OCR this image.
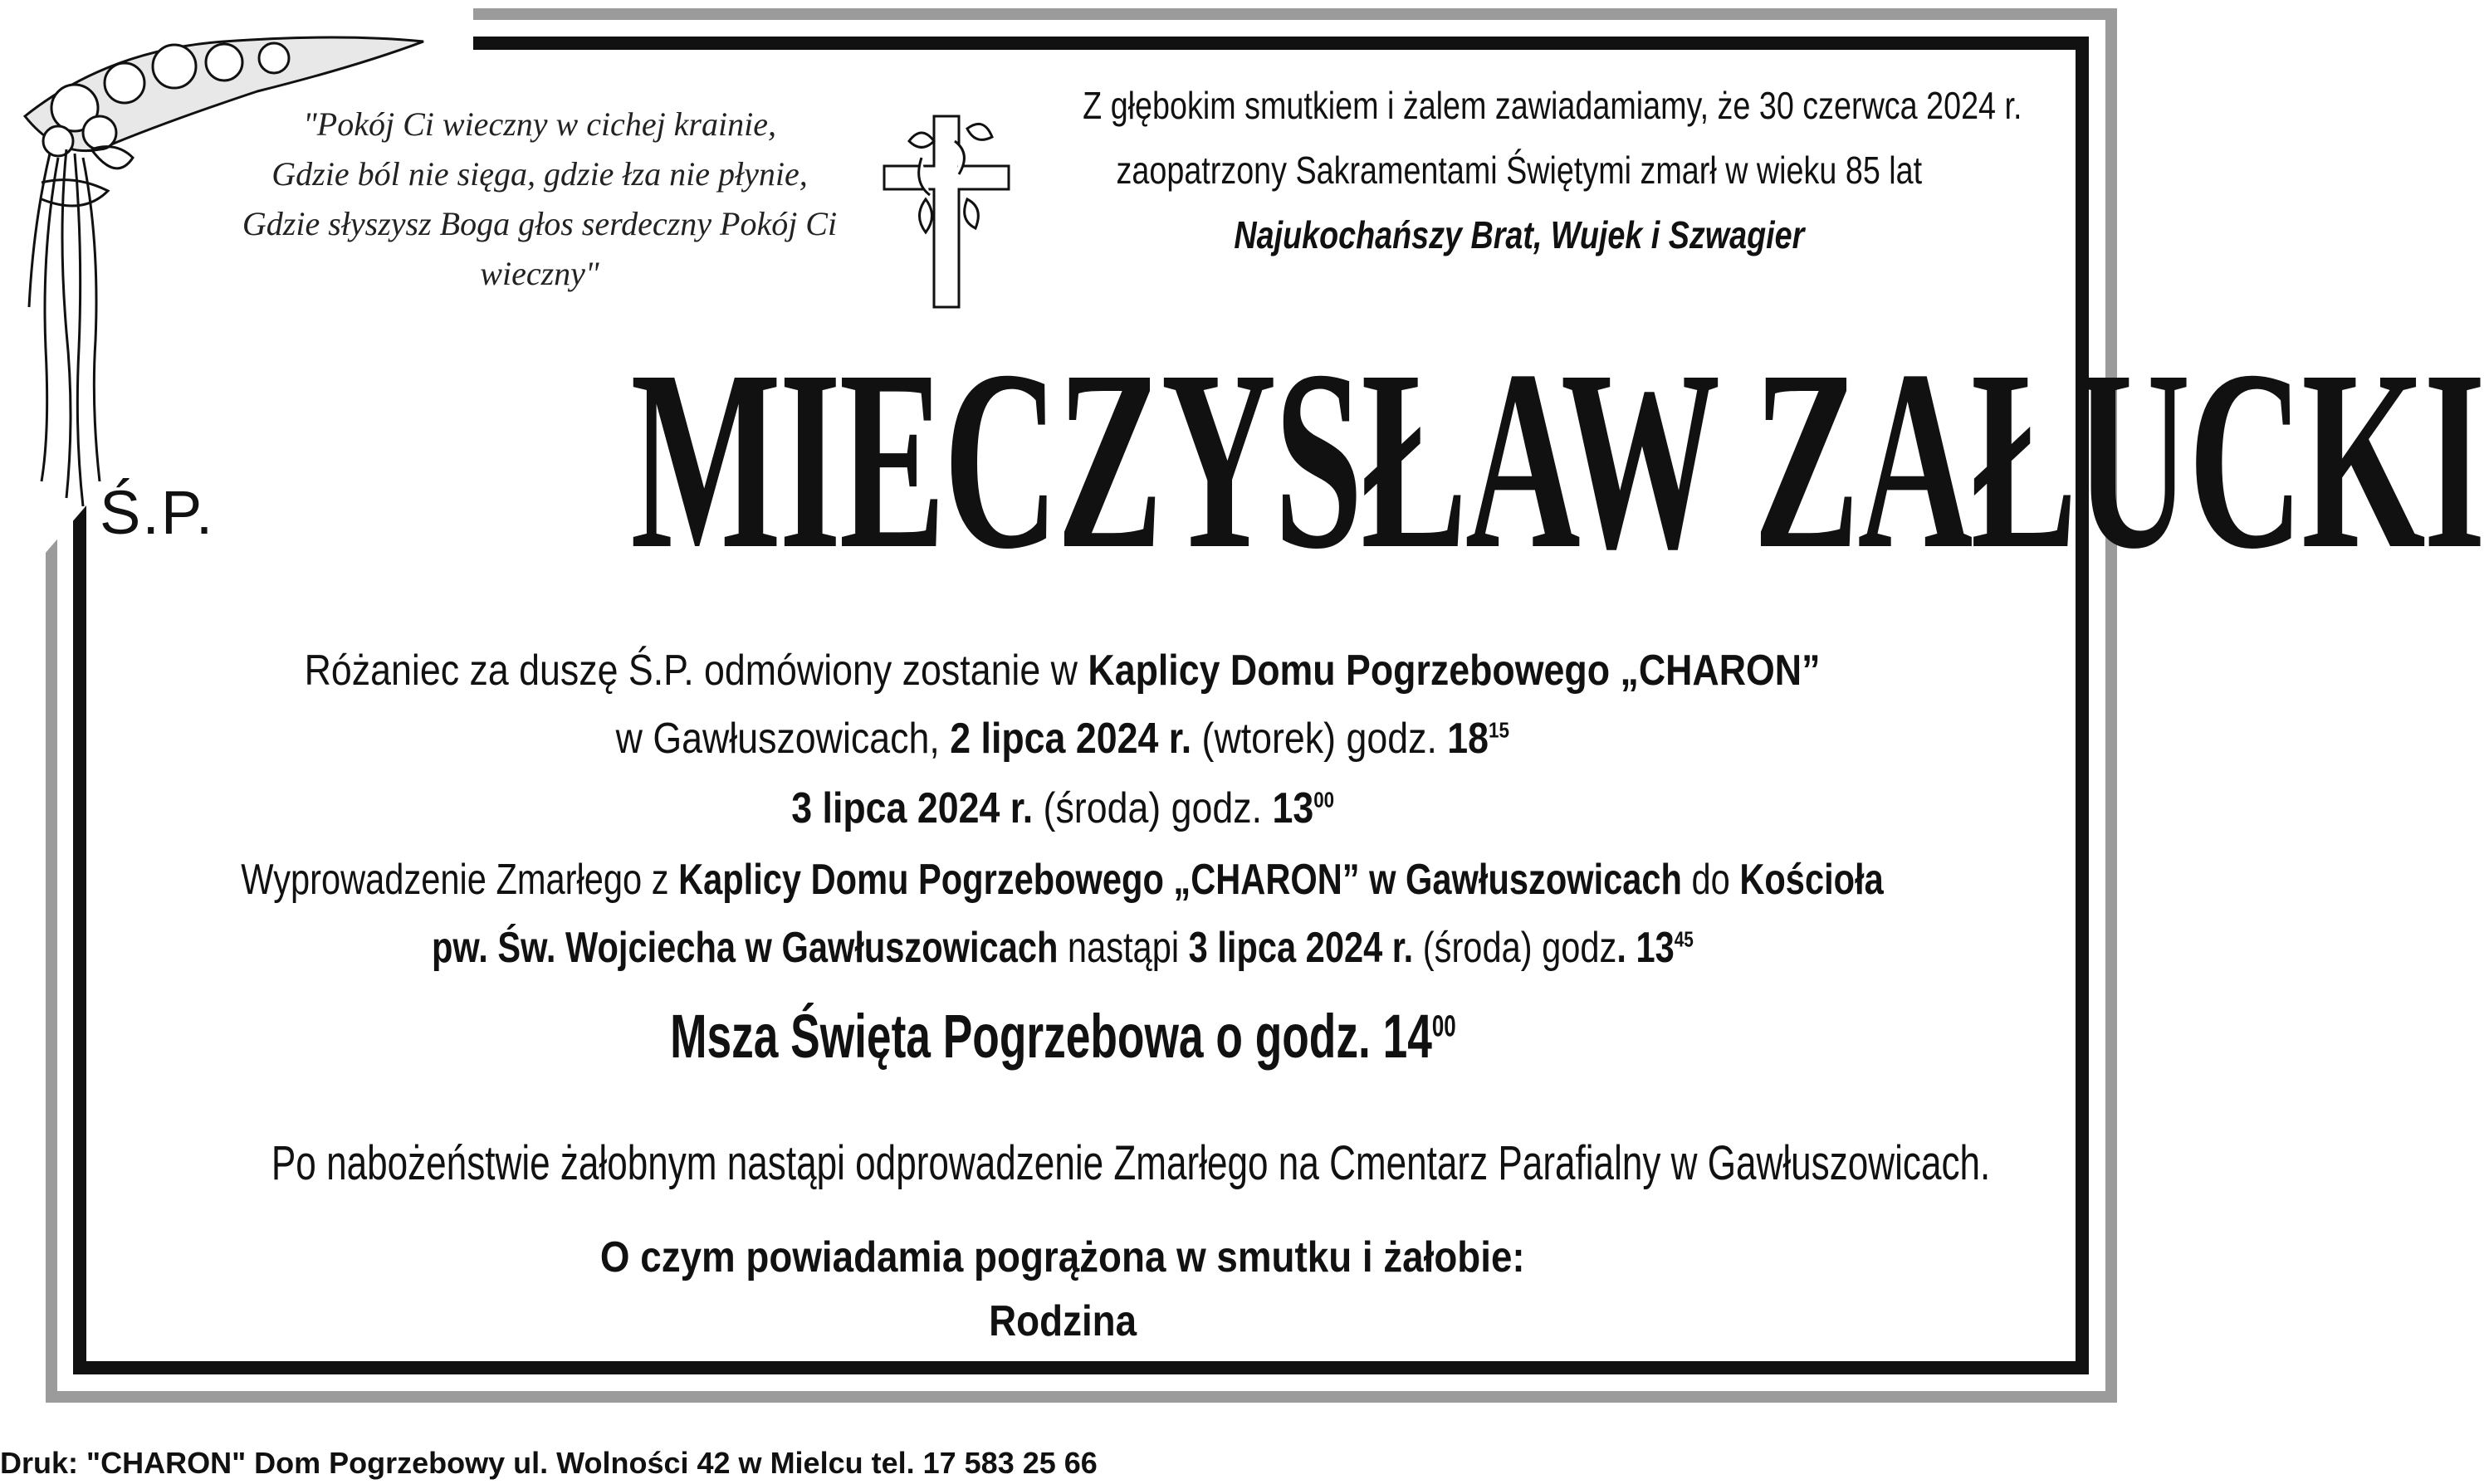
"Pokój Ci wieczny w cichej krainie,
Gdzie ból nie sięga, gdzie łza nie płynie,
Gdzie słyszysz Boga głos serdeczny Pokój Ci wieczny"
Z głębokim smutkiem i żalem zawiadamiamy, że 30 czerwca 2024 r.
zaopatrzony Sakramentami Świętymi zmarł w wieku 85 lat
Najukochańszy Brat, Wujek i Szwagier
Ś.P. MIECZYSŁAW ZAŁUCKI
Różaniec za duszę Ś.P. odmówiony zostanie w Kaplicy Domu Pogrzebowego „CHARON”
w Gawłuszowicach, 2 lipca 2024 r. (wtorek) godz. $18^{15}$
3 lipca 2024 r. (środa) godz. $13^{00}$
Wyprowadzenie Zmarłego z Kaplicy Domu Pogrzebowego „CHARON” w Gawłuszowicach do Kościoła
pw. Św. Wojciecha w Gawłuszowicach nastąpi 3 lipca 2024 r. (środa) godz. $13^{45}$
Msza Święta Pogrzebowa o godz. $14^{00}$
Po nabożeństwie żałobnym nastąpi odprowadzenie Zmarłego na Cmentarz Parafialny w Gawłuszowicach.
O czym powiadamia pogrążona w smutku i żałobie:
Rodzina
Druk: "CHARON" Dom Pogrzebowy ul. Wolności 42 w Mielcu tel. 17 583 25 66
